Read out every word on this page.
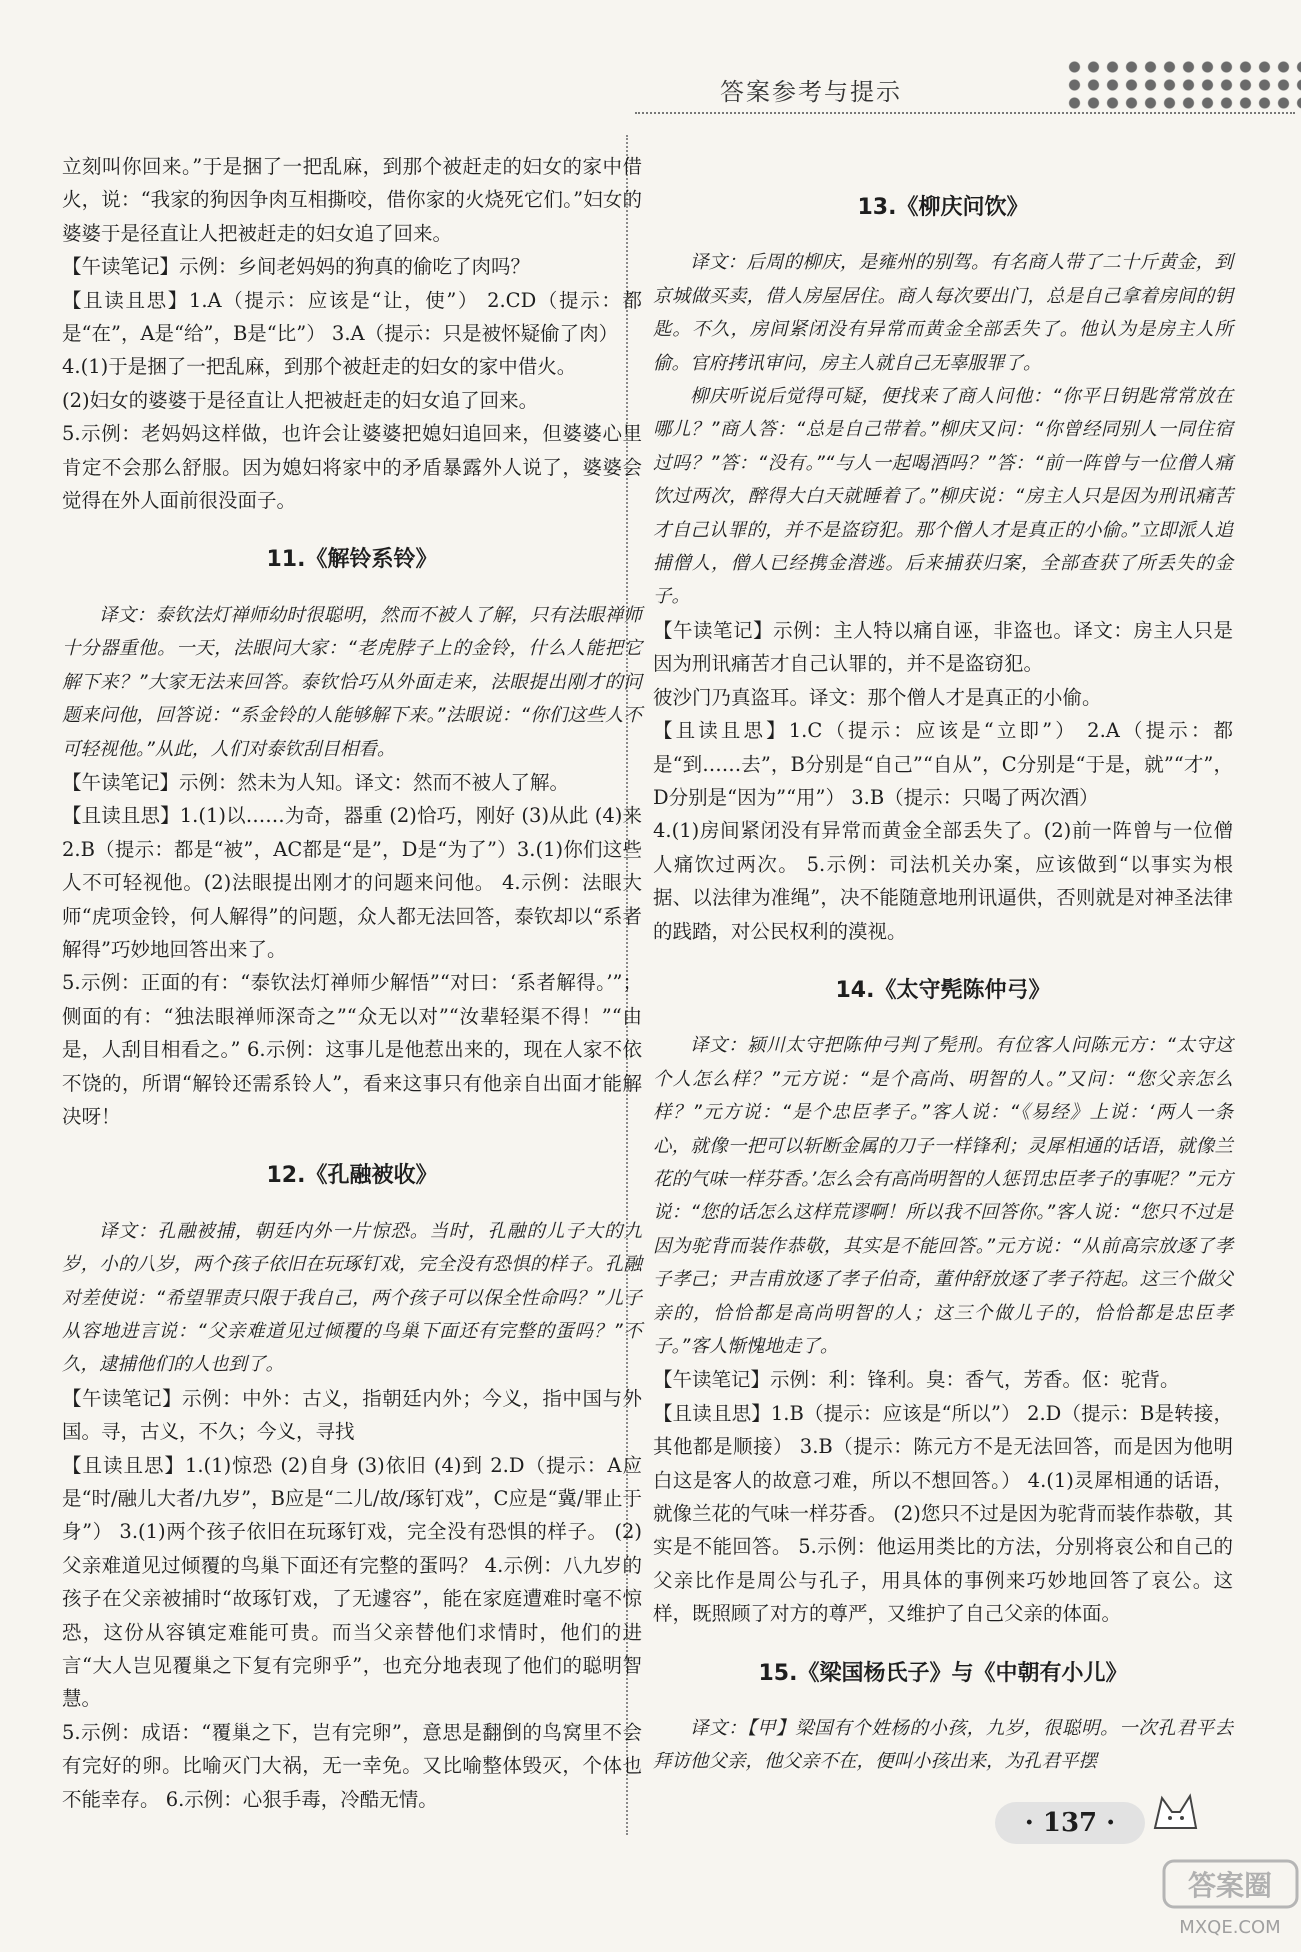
答案参考与提示

立刻叫你回来。”于是捆了一把乱麻，到那个被赶走的妇女的家中借火，说：“我家的狗因争肉互相撕咬，借你家的火烧死它们。”妇女的婆婆于是径直让人把被赶走的妇女追了回来。

【午读笔记】示例：乡间老妈妈的狗真的偷吃了肉吗？

【且读且思】1.A（提示：应该是“让，使”） 2.CD（提示：都是“在”，A是“给”，B是“比”） 3.A（提示：只是被怀疑偷了肉）

4.(1)于是捆了一把乱麻，到那个被赶走的妇女的家中借火。

(2)妇女的婆婆于是径直让人把被赶走的妇女追了回来。

5.示例：老妈妈这样做，也许会让婆婆把媳妇追回来，但婆婆心里肯定不会那么舒服。因为媳妇将家中的矛盾暴露外人说了，婆婆会觉得在外人面前很没面子。

11.《解铃系铃》

译文：泰钦法灯禅师幼时很聪明，然而不被人了解，只有法眼禅师十分器重他。一天，法眼问大家：“老虎脖子上的金铃，什么人能把它解下来？”大家无法来回答。泰钦恰巧从外面走来，法眼提出刚才的问题来问他，回答说：“系金铃的人能够解下来。”法眼说：“你们这些人不可轻视他。”从此，人们对泰钦刮目相看。

【午读笔记】示例：然未为人知。译文：然而不被人了解。

【且读且思】1.(1)以……为奇，器重 (2)恰巧，刚好 (3)从此 (4)来 2.B（提示：都是“被”，AC都是“是”，D是“为了”）3.(1)你们这些人不可轻视他。(2)法眼提出刚才的问题来问他。 4.示例：法眼大师“虎项金铃，何人解得”的问题，众人都无法回答，泰钦却以“系者解得”巧妙地回答出来了。

5.示例：正面的有：“泰钦法灯禅师少解悟”“对曰：‘系者解得。’”；侧面的有：“独法眼禅师深奇之”“众无以对”“汝辈轻渠不得！”“由是，人刮目相看之。” 6.示例：这事儿是他惹出来的，现在人家不依不饶的，所谓“解铃还需系铃人”，看来这事只有他亲自出面才能解决呀！

12.《孔融被收》

译文：孔融被捕，朝廷内外一片惊恐。当时，孔融的儿子大的九岁，小的八岁，两个孩子依旧在玩琢钉戏，完全没有恐惧的样子。孔融对差使说：“希望罪责只限于我自己，两个孩子可以保全性命吗？”儿子从容地进言说：“父亲难道见过倾覆的鸟巢下面还有完整的蛋吗？”不久，逮捕他们的人也到了。

【午读笔记】示例：中外：古义，指朝廷内外；今义，指中国与外国。寻，古义，不久；今义，寻找

【且读且思】1.(1)惊恐 (2)自身 (3)依旧 (4)到 2.D（提示：A应是“时/融儿大者/九岁”，B应是“二儿/故/琢钉戏”，C应是“冀/罪止于身”） 3.(1)两个孩子依旧在玩琢钉戏，完全没有恐惧的样子。 (2)父亲难道见过倾覆的鸟巢下面还有完整的蛋吗？ 4.示例：八九岁的孩子在父亲被捕时“故琢钉戏，了无遽容”，能在家庭遭难时毫不惊恐，这份从容镇定难能可贵。而当父亲替他们求情时，他们的进言“大人岂见覆巢之下复有完卵乎”，也充分地表现了他们的聪明智慧。

5.示例：成语：“覆巢之下，岂有完卵”，意思是翻倒的鸟窝里不会有完好的卵。比喻灭门大祸，无一幸免。又比喻整体毁灭，个体也不能幸存。 6.示例：心狠手毒，冷酷无情。

13.《柳庆问饮》

译文：后周的柳庆，是雍州的别驾。有名商人带了二十斤黄金，到京城做买卖，借人房屋居住。商人每次要出门，总是自己拿着房间的钥匙。不久，房间紧闭没有异常而黄金全部丢失了。他认为是房主人所偷。官府拷讯审问，房主人就自己无辜服罪了。

柳庆听说后觉得可疑，便找来了商人问他：“你平日钥匙常常放在哪儿？”商人答：“总是自己带着。”柳庆又问：“你曾经同别人一同住宿过吗？”答：“没有。”“与人一起喝酒吗？”答：“前一阵曾与一位僧人痛饮过两次，醉得大白天就睡着了。”柳庆说：“房主人只是因为刑讯痛苦才自己认罪的，并不是盗窃犯。那个僧人才是真正的小偷。”立即派人追捕僧人，僧人已经携金潜逃。后来捕获归案，全部查获了所丢失的金子。

【午读笔记】示例：主人特以痛自诬，非盗也。译文：房主人只是因为刑讯痛苦才自己认罪的，并不是盗窃犯。

彼沙门乃真盗耳。译文：那个僧人才是真正的小偷。

【且读且思】1.C（提示：应该是“立即”） 2.A（提示：都是“到……去”，B分别是“自己”“自从”，C分别是“于是，就”“才”，D分别是“因为”“用”） 3.B（提示：只喝了两次酒）

4.(1)房间紧闭没有异常而黄金全部丢失了。(2)前一阵曾与一位僧人痛饮过两次。 5.示例：司法机关办案，应该做到“以事实为根据、以法律为准绳”，决不能随意地刑讯逼供，否则就是对神圣法律的践踏，对公民权利的漠视。

14.《太守髡陈仲弓》

译文：颍川太守把陈仲弓判了髡刑。有位客人问陈元方：“太守这个人怎么样？”元方说：“是个高尚、明智的人。”又问：“您父亲怎么样？”元方说：“是个忠臣孝子。”客人说：“《易经》上说：‘两人一条心，就像一把可以斩断金属的刀子一样锋利；灵犀相通的话语，就像兰花的气味一样芬香。’怎么会有高尚明智的人惩罚忠臣孝子的事呢？”元方说：“您的话怎么这样荒谬啊！所以我不回答你。”客人说：“您只不过是因为驼背而装作恭敬，其实是不能回答。”元方说：“从前高宗放逐了孝子孝己；尹吉甫放逐了孝子伯奇，董仲舒放逐了孝子符起。这三个做父亲的，恰恰都是高尚明智的人；这三个做儿子的，恰恰都是忠臣孝子。”客人惭愧地走了。

【午读笔记】示例：利：锋利。臭：香气，芳香。伛：驼背。

【且读且思】1.B（提示：应该是“所以”） 2.D（提示：B是转接，其他都是顺接） 3.B（提示：陈元方不是无法回答，而是因为他明白这是客人的故意刁难，所以不想回答。） 4.(1)灵犀相通的话语，就像兰花的气味一样芬香。 (2)您只不过是因为驼背而装作恭敬，其实是不能回答。 5.示例：他运用类比的方法，分别将哀公和自己的父亲比作是周公与孔子，用具体的事例来巧妙地回答了哀公。这样，既照顾了对方的尊严，又维护了自己父亲的体面。

15.《梁国杨氏子》与《中朝有小儿》

译文：【甲】梁国有个姓杨的小孩，九岁，很聪明。一次孔君平去拜访他父亲，他父亲不在，便叫小孩出来，为孔君平摆

· 137 ·
答案圈
MXQE.COM
